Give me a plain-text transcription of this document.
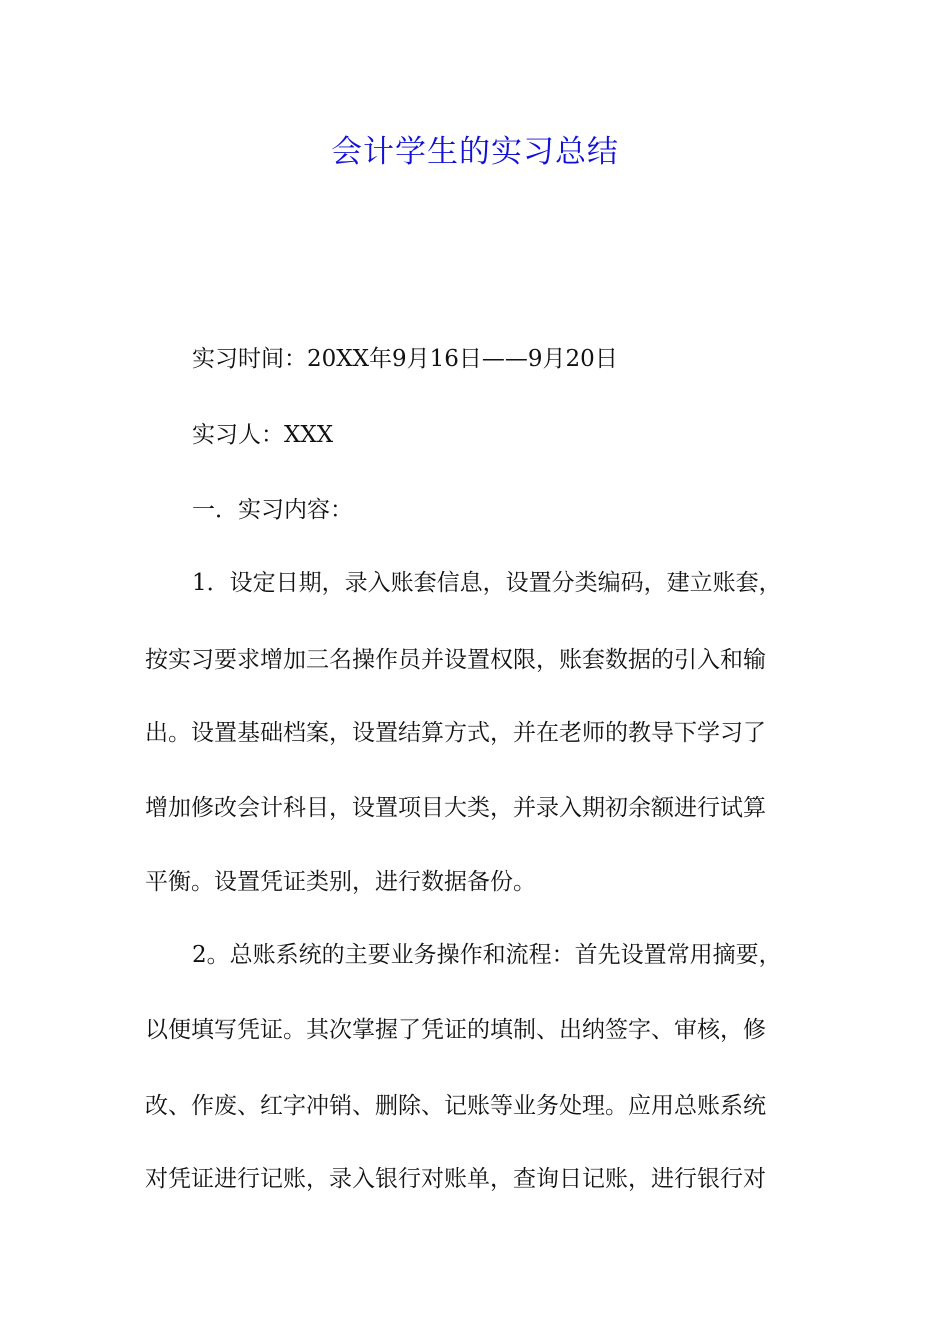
会计学生的实习总结
实习时间：20XX年9月16日——9月20日
实习人：XXX
一．实习内容：
1．设定日期，录入账套信息，设置分类编码，建立账套，
按实习要求增加三名操作员并设置权限，账套数据的引入和输
出。设置基础档案，设置结算方式，并在老师的教导下学习了
增加修改会计科目，设置项目大类，并录入期初余额进行试算
平衡。设置凭证类别，进行数据备份。
2。总账系统的主要业务操作和流程：首先设置常用摘要，
以便填写凭证。其次掌握了凭证的填制、出纳签字、审核，修
改、作废、红字冲销、删除、记账等业务处理。应用总账系统
对凭证进行记账，录入银行对账单，查询日记账，进行银行对
